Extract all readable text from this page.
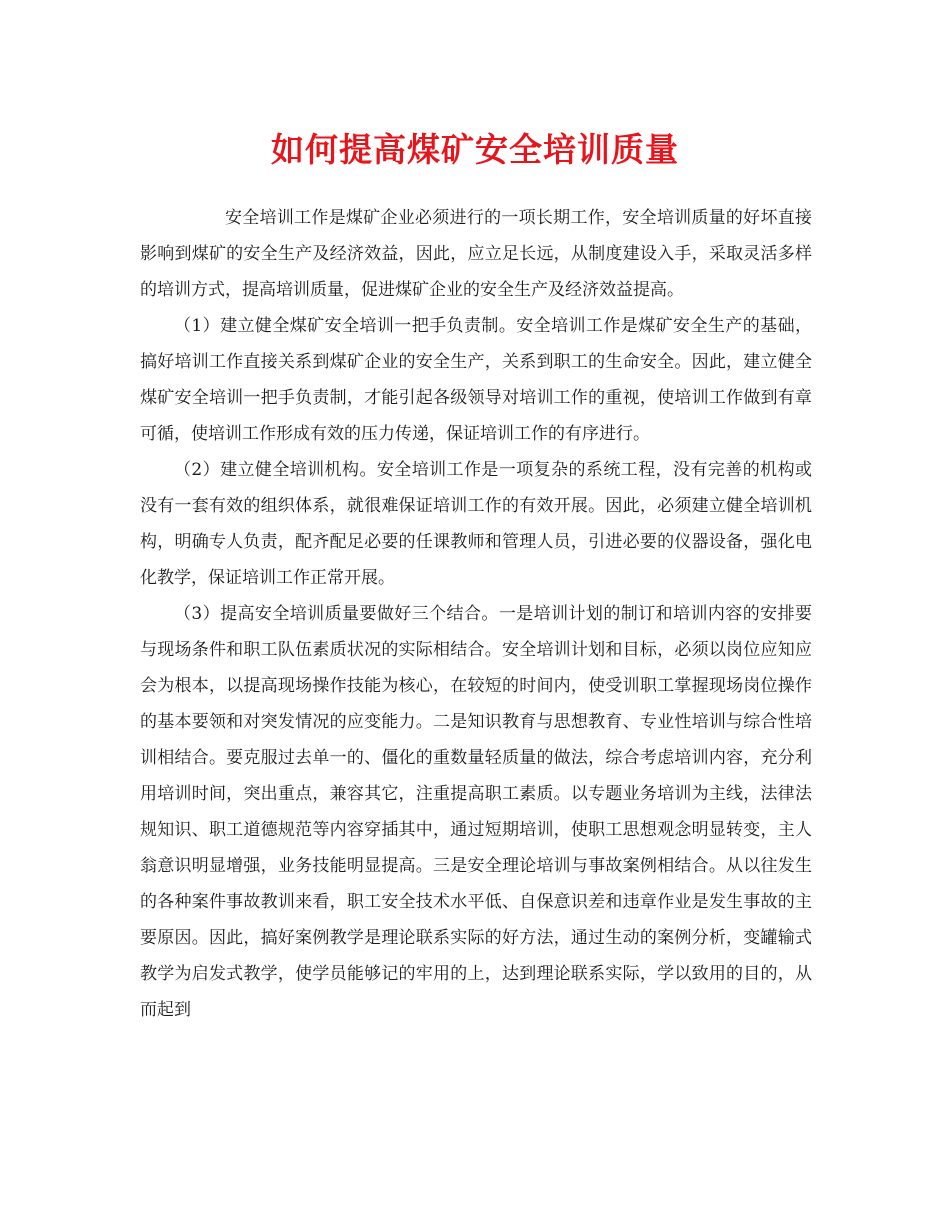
如何提高煤矿安全培训质量

安全培训工作是煤矿企业必须进行的一项长期工作，安全培训质量的好坏直接影响到煤矿的安全生产及经济效益，因此，应立足长远，从制度建设入手，采取灵活多样的培训方式，提高培训质量，促进煤矿企业的安全生产及经济效益提高。

（1）建立健全煤矿安全培训一把手负责制。安全培训工作是煤矿安全生产的基础，搞好培训工作直接关系到煤矿企业的安全生产，关系到职工的生命安全。因此，建立健全煤矿安全培训一把手负责制，才能引起各级领导对培训工作的重视，使培训工作做到有章可循，使培训工作形成有效的压力传递，保证培训工作的有序进行。

（2）建立健全培训机构。安全培训工作是一项复杂的系统工程，没有完善的机构或没有一套有效的组织体系，就很难保证培训工作的有效开展。因此，必须建立健全培训机构，明确专人负责，配齐配足必要的任课教师和管理人员，引进必要的仪器设备，强化电化教学，保证培训工作正常开展。

（3）提高安全培训质量要做好三个结合。一是培训计划的制订和培训内容的安排要与现场条件和职工队伍素质状况的实际相结合。安全培训计划和目标，必须以岗位应知应会为根本，以提高现场操作技能为核心，在较短的时间内，使受训职工掌握现场岗位操作的基本要领和对突发情况的应变能力。二是知识教育与思想教育、专业性培训与综合性培训相结合。要克服过去单一的、僵化的重数量轻质量的做法，综合考虑培训内容，充分利用培训时间，突出重点，兼容其它，注重提高职工素质。以专题业务培训为主线，法律法规知识、职工道德规范等内容穿插其中，通过短期培训，使职工思想观念明显转变，主人翁意识明显增强，业务技能明显提高。三是安全理论培训与事故案例相结合。从以往发生的各种案件事故教训来看，职工安全技术水平低、自保意识差和违章作业是发生事故的主要原因。因此，搞好案例教学是理论联系实际的好方法，通过生动的案例分析，变罐输式教学为启发式教学，使学员能够记的牢用的上，达到理论联系实际，学以致用的目的，从而起到
